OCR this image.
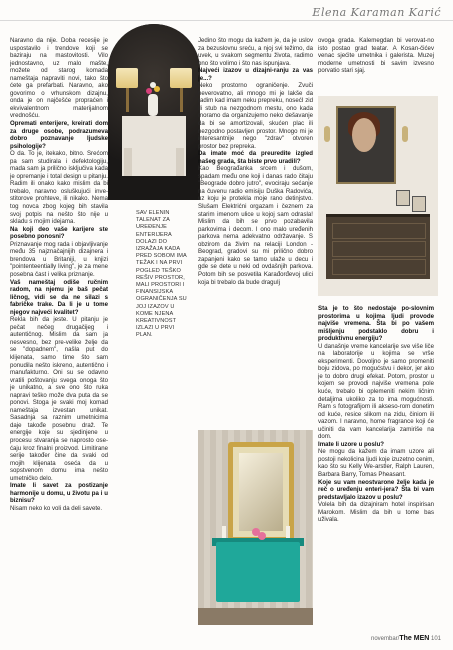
Elena Karaman Karić

Naravno da nije. Doba recesije je uspostavilo i trendove koji se baziraju na mastovitosti. Vilo jednostavno, uz malo mašte, možete od starog komada nameštaja napraviti novi, tako što ćete ga prefarbati. Naravno, ako govorimo o vrhunskom dizajnu, onda je on najčešće propraćen i ekvivalentnom materijalnom vrednošću.

Opremati enterijere, kreirati dom za druge osobe, podrazumeva dobro poznavanje ljudske psihologije?

O da. To je, itekako, bitno. Srećom pa sam studirala i defektologiju, mada sam ja prilično isključiva kada je opremanje i total design u pitanju. Radim ili onako kako mislim da bi trebalo, naravno osluškujući inve-stitorove prohteve, ili nikako. Nema tog novca zbog kojeg bih stavila svoj potpis na nešto što nije u skladu s mojim idejama.

Na koji deo vaše karijere ste posebno ponosni?

Priznavanje mog rada i objavljivanje među 35 najznačajnijih dizajnera i brendova u Britaniji, u knjizi "pointenteentially living", je za mene posebna čast i velika priznanje.

Vaš nameštaj odiše ručnim radom, na njemu je baš pečat ličnog, vidi se da ne silazi s fabričke trake. Da li je u tome njegov najveći kvalitet?

Rekla bih da jeste. U pitanju je pečat nečeg drugačijeg i autentičnog. Mislim da sam ja nesvesno, bez pre-velike želje da se "dopadnem", našla put do klijenata, samo time što sam ponudila nešto iskreno, autentično i manufakturno. Oni su se odavno vratili poštovanju svega onoga što je unikatno, a sve ono što ruka napravi teško može dva puta da se ponovi. Stoga je svaki moj komad nameštaja izvestan unikat. Sasadnja sa raznim umetnicima daje takođe posebnu draž. Te energije koje su sjedinjene u procesu stvaranja se naprosto ose-ćaju kroz finalni proizvod. Limitirane serije također čine da svaki od mojih klijenata oseća da u sopstvenom domu ima nešto umetničko delo.

Imate li savet za postizanje harmonije u domu, u životu pa i u biznisu?

Nisam neko ko voli da deli savete.

SAV ELENIN TALENAT ZA UREĐENJE ENTERIJERA DOLAZI DO IZRAŽAJA KADA PRED SOBOM IMA TEŽAK I NA PRVI POGLED TEŠKO REŠIV PROSTOR, MALI PROSTORI I FINANSIJSKA OGRANIČENJA SU JOJ IZAZOV U KOME NJENA KREATIVNOST IZLAZI U PRVI PLAN.

Jedino što mogu da kažem je, da je uslov za bezuslovnu sreću, a njoj svi težimo, da uvek, u svakom segmentu života, radimo ono što volimo i što nas ispunjava.

Najveći izazov u dizajni-ranju za vas je...?

Neko prostorno ograničenje. Zvuči neverovatno, ali mnogo mi je lakše da radim kad imam neku prepreku, nosećI zid ili stub na nezgodnom mestu, ono kada moramo da organizujemo neko dešavanje da bi se amortizovali, skućen plac ili nezgodno postavljen prostor. Mnogo mi je interesantnije nego "zdrav" otvoren prostor bez prepreka.

Da imate moć da preuredite izgled našeg grada, šta biste prvo uradili?

Kao Beograđanka srcem i dušom, spadam među one koji i danas rado čitaju "Beograde dobro jutro", evociraju sećanje na čuvenu radio emisiju Duška Radovića, uz koju je protekla moje rano detinjstvo. Slušam Elektrićni orgazam i čeznem za starim imenom ulice u kojoj sam odrasla! Mislim da bih se prvo pozabavila parkovima i decom. I ono malo uređenih parkova nema adekvatno održavanje. S obzirom da živim na relaciji London - Beograd, gradovi su mi prilično dobro zapanjeni kako se tamo ulaže u decu i gde se dete u neki od ovdašnjih parkova. Potom bih se posvetila Karađorđevoj ulici koja bi trebalo da bude draguIj

ovoga grada. Kalemegdan bi verovat-no isto postao grad teatar. A Kosan-čićev venac sjećite umetnika i galerista. Muzej moderne umetnosti bi savim izvesno porvatio stari sjaj.

Šta je to što nedostaje po-slovnim prostorima u kojima ljudi provode najviše vremena. Šta bi po vašem mišljenju podstaklo dobru i produktivnu energiju?

U današnje vreme kancelarije sve više liče na laboratorije u kojima se vrše eksperimenti. Dovoljno je samo promeniti boju zidova, po mogućstvu i dekor, jer ako je to dobro drugi efekat. Potom, prostor u kojem se provodi najviše vremena pole kuće, trebalo bi oplemeniti nekim ličnim detaljima ukoliko za to ima mogućnosti. Ram s fotografijom ili akseso-rom donetim od kuće, resice slikom na zidu, činiom ili vazom. I naravno, home fragrance koji će učiniti da vam kancelarija zamiriše na dom.

Imate li uzore u poslu?

Ne mogu da kažem da imam uzore ali postoji nekolicina ljudi koje izuzetno cenim, kao što su Kelly We-arstler, Ralph Lauren, Barbara Barry, Tomas Pheasant.

Koje su vam neostvarone želje kada je reč o uređenju enteri-jera? Šta bi vam predstavljalo izazov u poslu?

Volela bih da dizajniram hotel inspirisan Marokom. Mislim da bih u tome bas uživala.

novembar/The MEN 101
